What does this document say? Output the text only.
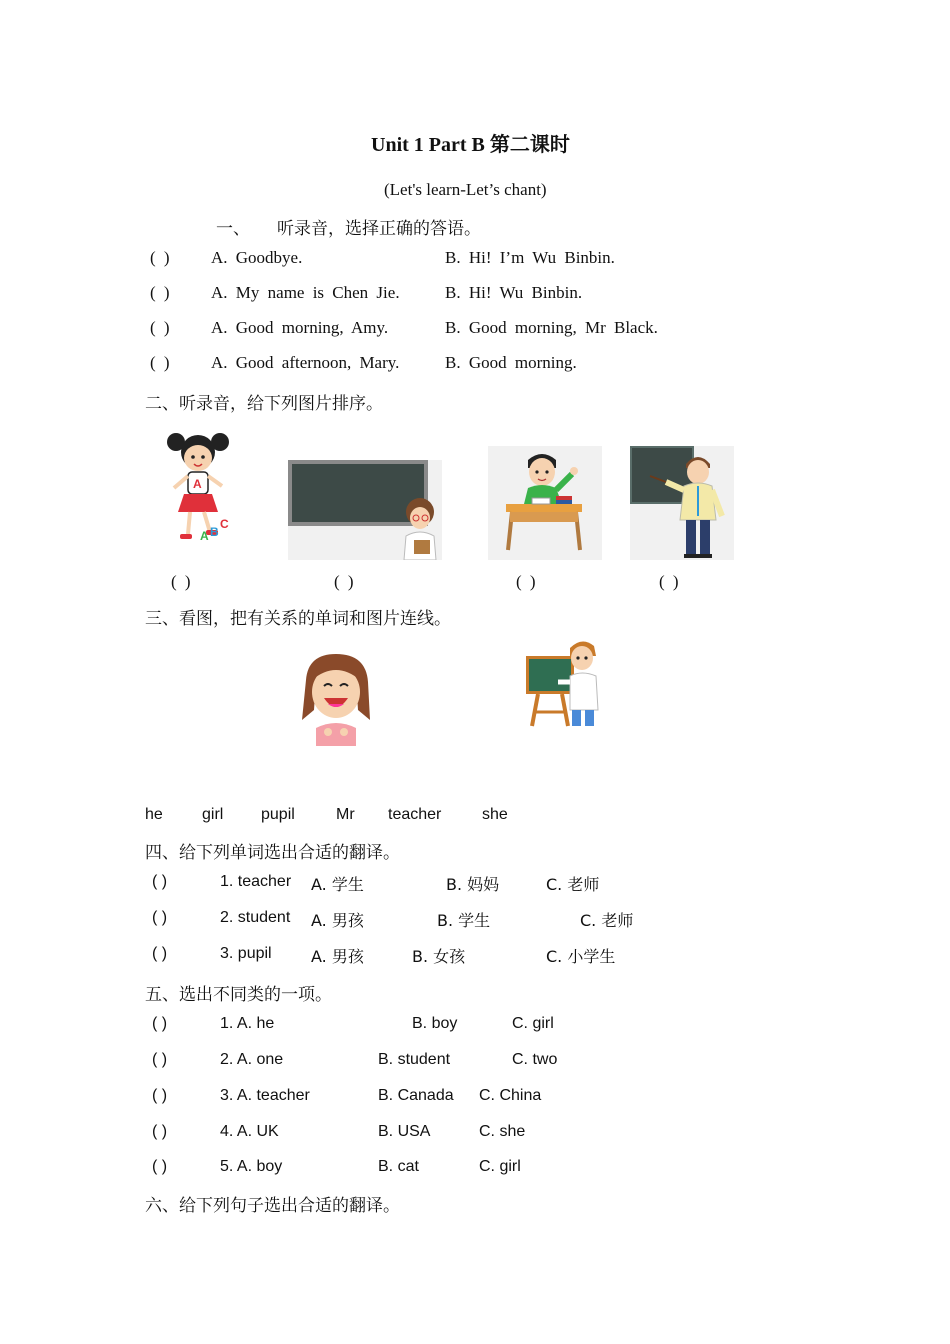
Unit 1 Part B 第二课时
(Let's learn-Let’s chant)
一、 听录音，选择正确的答语。
( ) A. Goodbye.	B. Hi! I’m Wu Binbin.
( ) A. My name is Chen Jie.	B. Hi! Wu Binbin.
( ) A. Good morning, Amy.	B. Good morning, Mr Black.
( ) A. Good afternoon, Mary.	B. Good morning.
二、听录音，给下列图片排序。
A
A B
C
( )	( )	( )	( )
三、看图，把有关系的单词和图片连线。
he girl pupil	Mr teacher	she
四、给下列单词选出合适的翻译。
( )	1. teacher A. 学生	B. 妈妈	C. 老师
( )	2. student A. 男孩	B. 学生	C. 老师
( )	3. pupil A. 男孩	B. 女孩	C. 小学生
五、选出不同类的一项。
( )	1. A. he	B. boy	C. girl
( )	2. A. one	B. student	C. two
( )	3. A. teacher	B. Canada C. China
( )	4. A. UK	B. USA	C. she
( )	5. A. boy	B. cat	C. girl
六、给下列句子选出合适的翻译。
